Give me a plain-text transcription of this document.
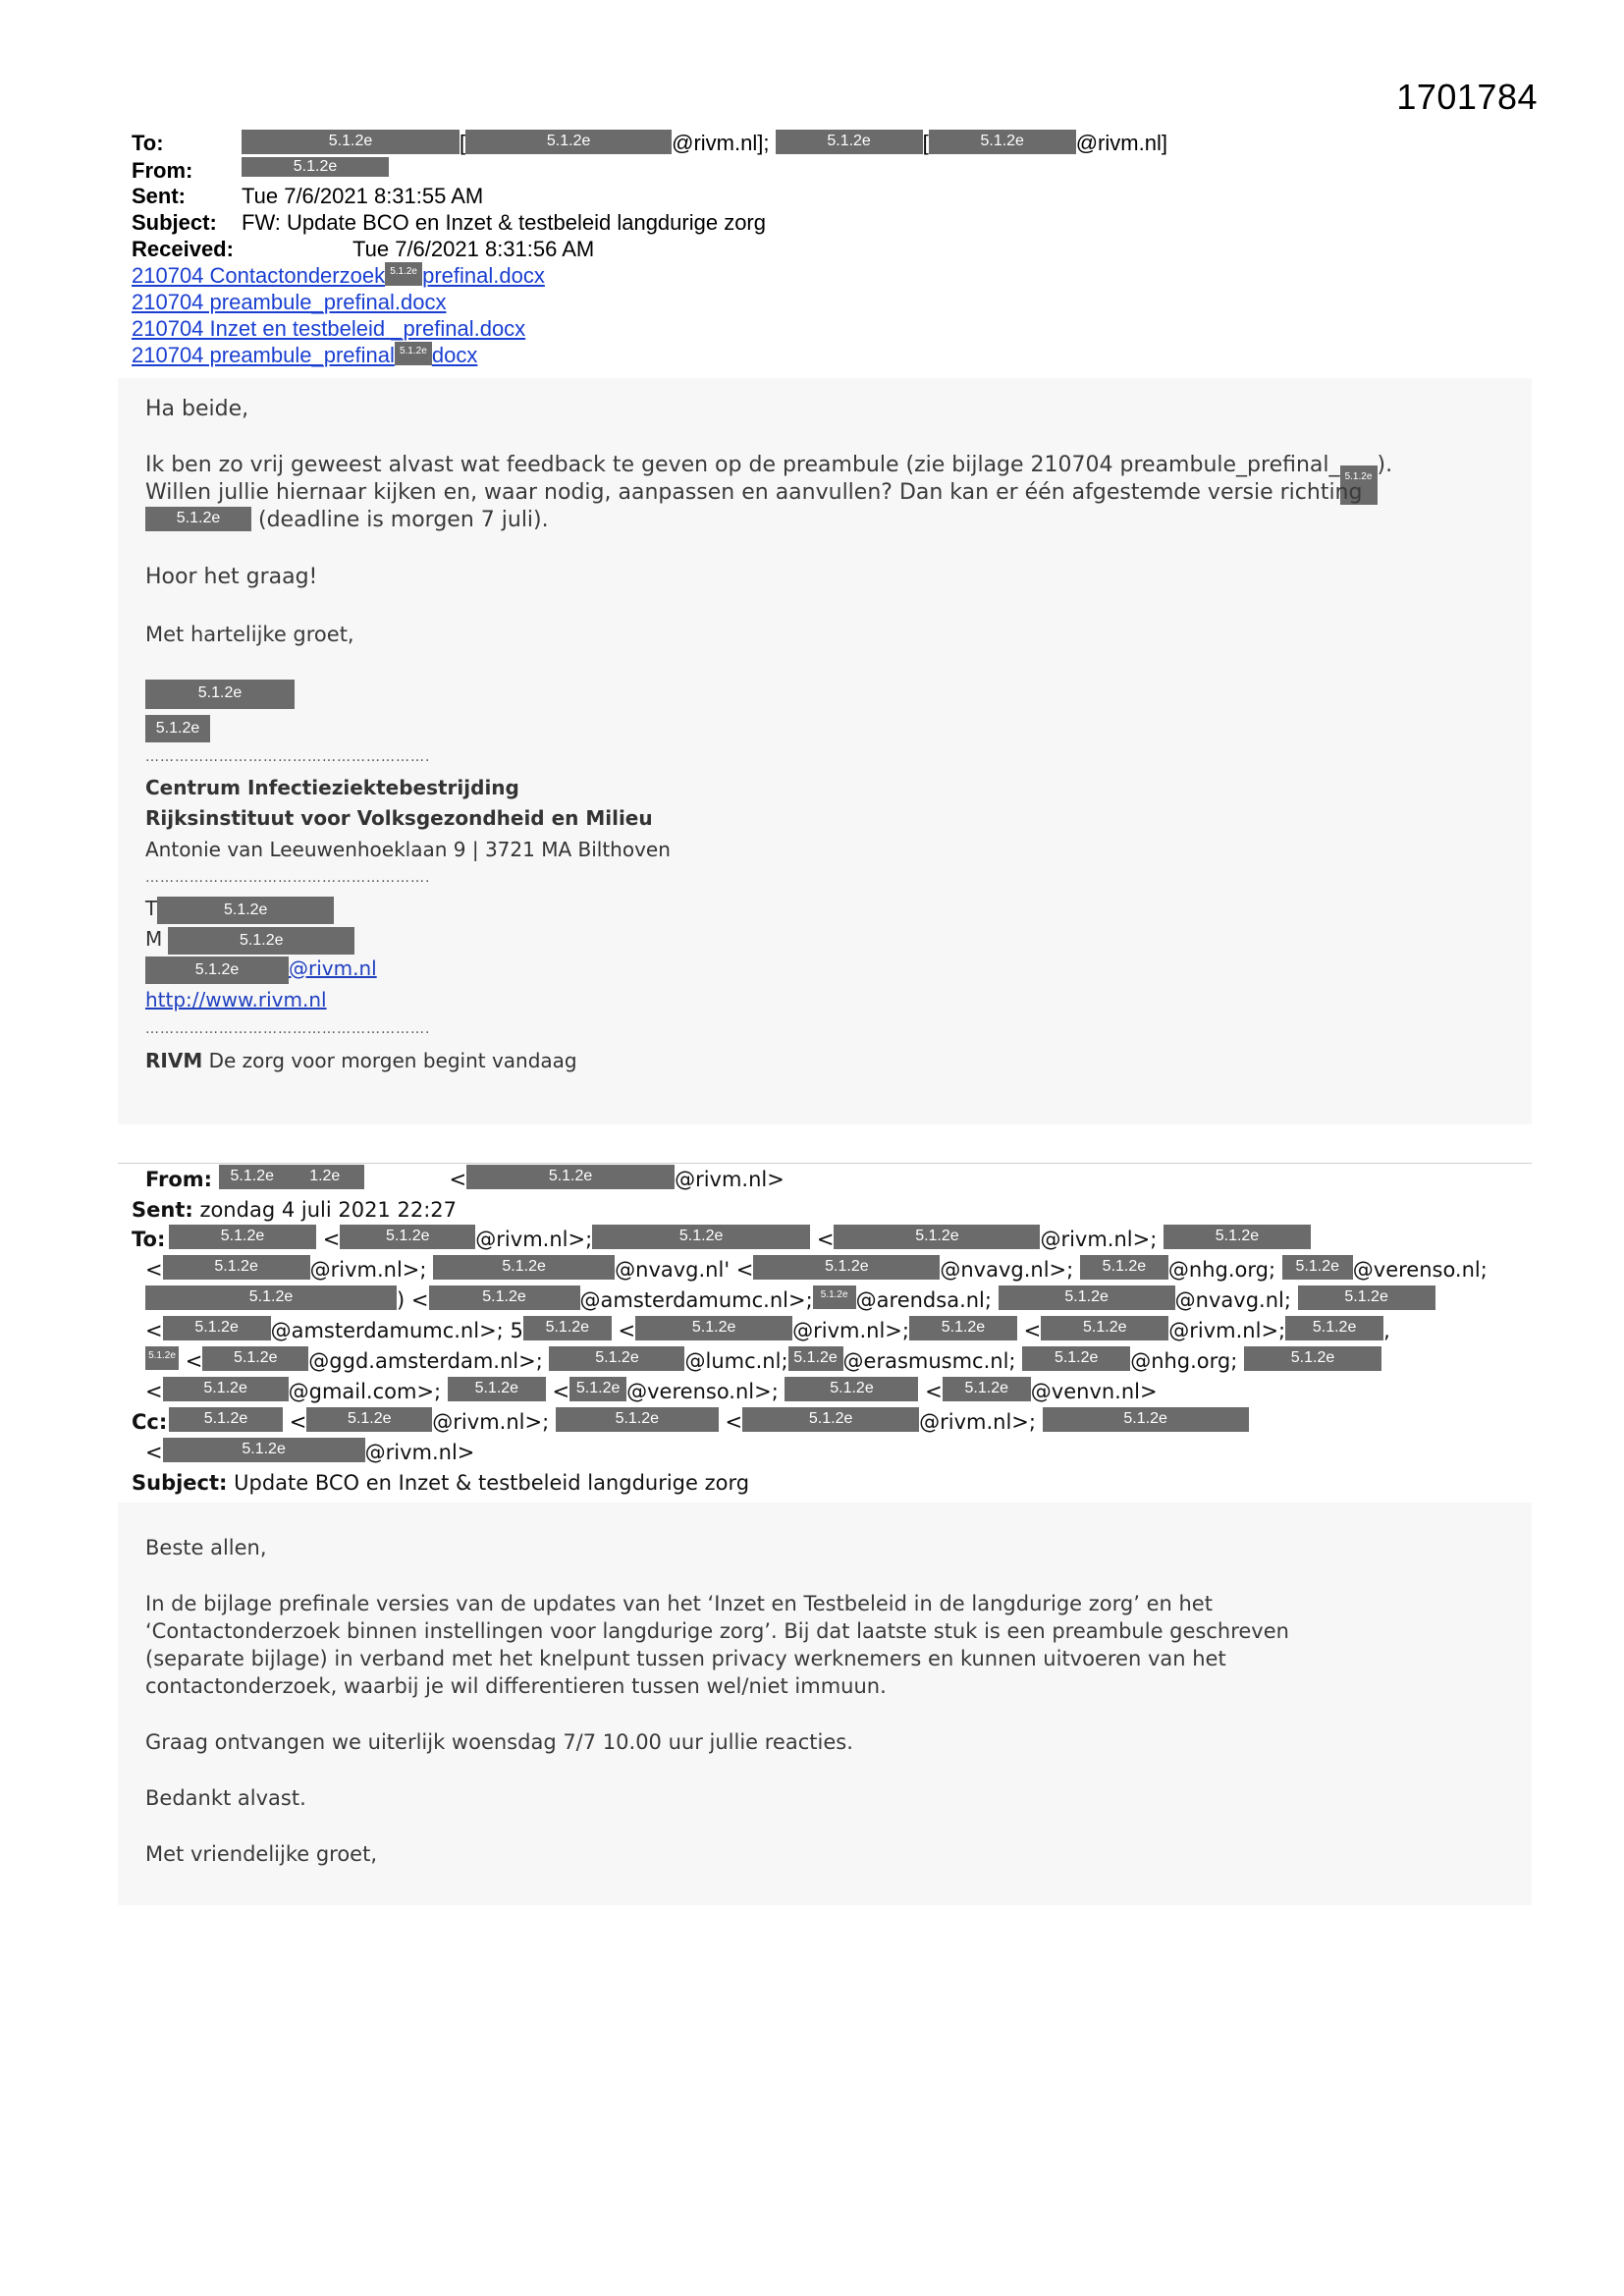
1701784
To:	5.1.2e	[	5.1.2e	@rivm.nl];	5.1.2e [	5.1.2e @rivm.nl]
From:	5.1.2e
Sent:	Tue 7/6/2021 8:31:55 AM
Subject: FW: Update BCO en Inzet & testbeleid langdurige zorg
Received:	Tue 7/6/2021 8:31:56 AM
210704 Contactonderzoek 5.1.2e prefinal.docx
210704 preambule_prefinal.docx
210704 Inzet en testbeleid _prefinal.docx
210704 preambule_prefinal 5.1.2e docx
Ha beide,
Ik ben zo vrij geweest alvast wat feedback te geven op de preambule (zie bijlage 210704 preambule_prefinal_ 5.1.2e ).
Willen jullie hiernaar kijken en, waar nodig, aanpassen en aanvullen? Dan kan er één afgestemde versie richting
5.1.2e (deadline is morgen 7 juli).
Hoor het graag!
Met hartelijke groet,
5.1.2e
5.1.2e
………………………………………………….
Centrum Infectieziektebestrijding
Rijksinstituut voor Volksgezondheid en Milieu
Antonie van Leeuwenhoeklaan 9 | 3721 MA Bilthoven
………………………………………………….
T	5.1.2e
M	5.1.2e
5.1.2e	@rivm.nl
http://www.rivm.nl
………………………………………………….
RIVM De zorg voor morgen begint vandaag
From: 5.1.2e 1.2e	<	5.1.2e	@rivm.nl>
Sent: zondag 4 juli 2021 22:27
To:	5.1.2e	<	5.1.2e @rivm.nl>;	5.1.2e	<	5.1.2e	@rivm.nl>;	5.1.2e
<	5.1.2e	@rivm.nl>;	5.1.2e	@nvavg.nl' <	5.1.2e	@nvavg.nl>; 5.1.2e @nhg.org; 5.1.2e @verenso.nl;
5.1.2e	) <	5.1.2e	@amsterdamumc.nl>; 5.1.2e @arendsa.nl;	5.1.2e	@nvavg.nl;	5.1.2e
< 5.1.2e @amsterdamumc.nl>; 5 5.1.2e <	5.1.2e	@rivm.nl>; 5.1.2e <	5.1.2e @rivm.nl>; 5.1.2e ,
5.1.2e < 5.1.2e @ggd.amsterdam.nl>;	5.1.2e @lumc.nl; 5.1.2e @erasmusmc.nl; 5.1.2e @nhg.org;	5.1.2e
<	5.1.2e @gmail.com>; 5.1.2e < 5.1.2e @verenso.nl>;	5.1.2e < 5.1.2e @venvn.nl>
Cc: 5.1.2e <	5.1.2e @rivm.nl>;	5.1.2e	<	5.1.2e	@rivm.nl>;	5.1.2e
<	5.1.2e	@rivm.nl>
Subject: Update BCO en Inzet & testbeleid langdurige zorg
Beste allen,
In de bijlage prefinale versies van de updates van het ‘Inzet en Testbeleid in de langdurige zorg’ en het
‘Contactonderzoek binnen instellingen voor langdurige zorg’. Bij dat laatste stuk is een preambule geschreven
(separate bijlage) in verband met het knelpunt tussen privacy werknemers en kunnen uitvoeren van het
contactonderzoek, waarbij je wil differentieren tussen wel/niet immuun.
Graag ontvangen we uiterlijk woensdag 7/7 10.00 uur jullie reacties.
Bedankt alvast.
Met vriendelijke groet,
